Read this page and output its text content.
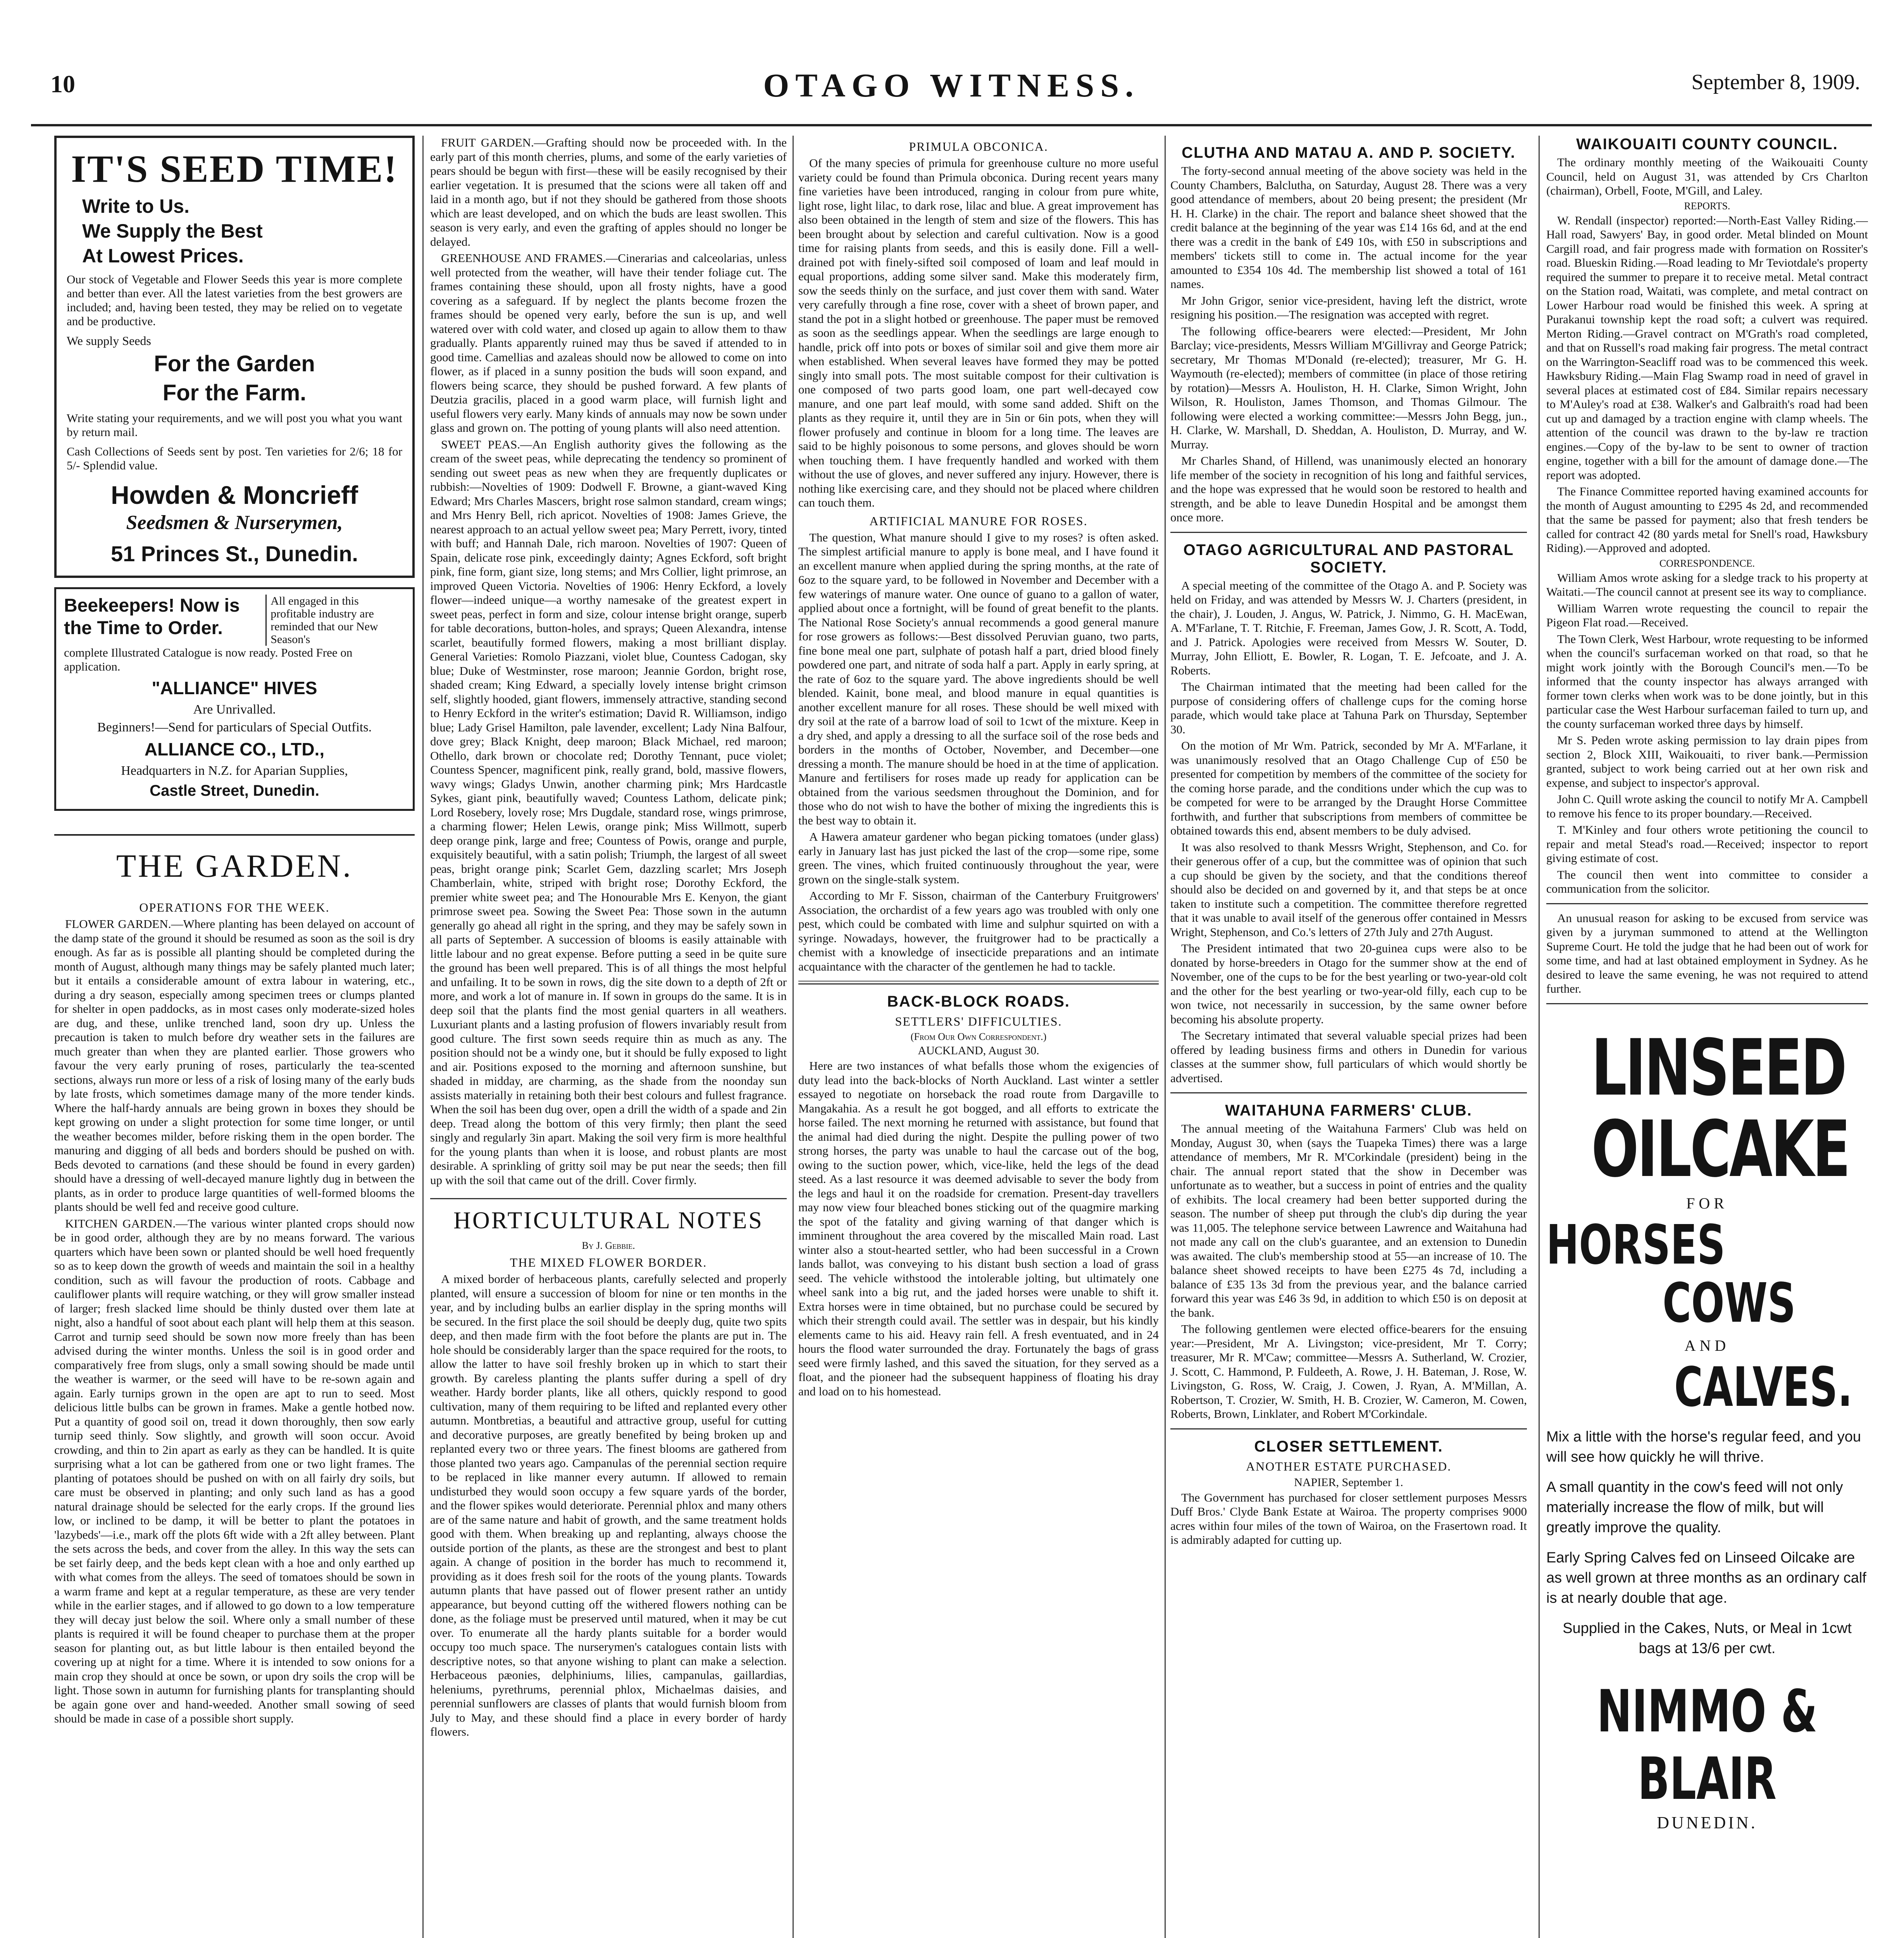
10	OTAGO WITNESS.	September 8, 1909.
IT'S SEED TIME!
Write to Us.
We Supply the Best
At Lowest Prices.
Our stock of Vegetable and Flower Seeds this year is more complete and better than ever. All the latest varieties from the best growers are included; and, having been tested, they may be relied on to vegetate and be productive.
We supply Seeds
For the Garden
For the Farm.
Write stating your requirements, and we will post you what you want by return mail.
Cash Collections of Seeds sent by post. Ten varieties for 2/6; 18 for 5/- Splendid value.
Howden & Moncrieff
Seedsmen & Nurserymen,
51 Princes St., Dunedin.
Beekeepers! Now is the Time to Order.
All engaged in this profitable industry are reminded that our New Season's
complete Illustrated Catalogue is now ready. Posted Free on application.
"ALLIANCE" HIVES
Are Unrivalled.
Beginners!—Send for particulars of Special Outfits.
ALLIANCE CO., LTD.,
Headquarters in N.Z. for Aparian Supplies,
Castle Street, Dunedin.
THE GARDEN.
OPERATIONS FOR THE WEEK.

FLOWER GARDEN.—Where planting has been delayed on account of the damp state of the ground it should be resumed as soon as the soil is dry enough. As far as is possible all planting should be completed during the month of August, although many things may be safely planted much later; but it entails a considerable amount of extra labour in watering, etc., during a dry season, especially among specimen trees or clumps planted for shelter in open paddocks, as in most cases only moderate-sized holes are dug, and these, unlike trenched land, soon dry up. Unless the precaution is taken to mulch before dry weather sets in the failures are much greater than when they are planted earlier. Those growers who favour the very early pruning of roses, particularly the tea-scented sections, always run more or less of a risk of losing many of the early buds by late frosts, which sometimes damage many of the more tender kinds. Where the half-hardy annuals are being grown in boxes they should be kept growing on under a slight protection for some time longer, or until the weather becomes milder, before risking them in the open border. The manuring and digging of all beds and borders should be pushed on with. Beds devoted to carnations (and these should be found in every garden) should have a dressing of well-decayed manure lightly dug in between the plants, as in order to produce large quantities of well-formed blooms the plants should be well fed and receive good culture.

KITCHEN GARDEN.—The various winter planted crops should now be in good order, although they are by no means forward. The various quarters which have been sown or planted should be well hoed frequently so as to keep down the growth of weeds and maintain the soil in a healthy condition, such as will favour the production of roots. Cabbage and cauliflower plants will require watching, or they will grow smaller instead of larger; fresh slacked lime should be thinly dusted over them late at night, also a handful of soot about each plant will help them at this season. Carrot and turnip seed should be sown now more freely than has been advised during the winter months. Unless the soil is in good order and comparatively free from slugs, only a small sowing should be made until the weather is warmer, or the seed will have to be re-sown again and again. Early turnips grown in the open are apt to run to seed. Most delicious little bulbs can be grown in frames. Make a gentle hotbed now. Put a quantity of good soil on, tread it down thoroughly, then sow early turnip seed thinly. Sow slightly, and growth will soon occur. Avoid crowding, and thin to 2in apart as early as they can be handled. It is quite surprising what a lot can be gathered from one or two light frames. The planting of potatoes should be pushed on with on all fairly dry soils, but care must be observed in planting; and only such land as has a good natural drainage should be selected for the early crops. If the ground lies low, or inclined to be damp, it will be better to plant the potatoes in 'lazybeds'—i.e., mark off the plots 6ft wide with a 2ft alley between. Plant the sets across the beds, and cover from the alley. In this way the sets can be set fairly deep, and the beds kept clean with a hoe and only earthed up with what comes from the alleys. The seed of tomatoes should be sown in a warm frame and kept at a regular temperature, as these are very tender while in the earlier stages, and if allowed to go down to a low temperature they will decay just below the soil. Where only a small number of these plants is required it will be found cheaper to purchase them at the proper season for planting out, as but little labour is then entailed beyond the covering up at night for a time. Where it is intended to sow onions for a main crop they should at once be sown, or upon dry soils the crop will be light. Those sown in autumn for furnishing plants for transplanting should be again gone over and hand-weeded. Another small sowing of seed should be made in case of a possible short supply.

FRUIT GARDEN.—Grafting should now be proceeded with. In the early part of this month cherries, plums, and some of the early varieties of pears should be begun with first—these will be easily recognised by their earlier vegetation. It is presumed that the scions were all taken off and laid in a month ago, but if not they should be gathered from those shoots which are least developed, and on which the buds are least swollen. This season is very early, and even the grafting of apples should no longer be delayed.

GREENHOUSE AND FRAMES.—Cinerarias and calceolarias, unless well protected from the weather, will have their tender foliage cut. The frames containing these should, upon all frosty nights, have a good covering as a safeguard. If by neglect the plants become frozen the frames should be opened very early, before the sun is up, and well watered over with cold water, and closed up again to allow them to thaw gradually. Plants apparently ruined may thus be saved if attended to in good time. Camellias and azaleas should now be allowed to come on into flower, as if placed in a sunny position the buds will soon expand, and flowers being scarce, they should be pushed forward. A few plants of Deutzia gracilis, placed in a good warm place, will furnish light and useful flowers very early. Many kinds of annuals may now be sown under glass and grown on. The potting of young plants will also need attention.

SWEET PEAS.—An English authority gives the following as the cream of the sweet peas, while deprecating the tendency so prominent of sending out sweet peas as new when they are frequently duplicates or rubbish:—Novelties of 1909: Dodwell F. Browne, a giant-waved King Edward; Mrs Charles Mascers, bright rose salmon standard, cream wings; and Mrs Henry Bell, rich apricot. Novelties of 1908: James Grieve, the nearest approach to an actual yellow sweet pea; Mary Perrett, ivory, tinted with buff; and Hannah Dale, rich maroon. Novelties of 1907: Queen of Spain, delicate rose pink, exceedingly dainty; Agnes Eckford, soft bright pink, fine form, giant size, long stems; and Mrs Collier, light primrose, an improved Queen Victoria. Novelties of 1906: Henry Eckford, a lovely flower—indeed unique—a worthy namesake of the greatest expert in sweet peas, perfect in form and size, colour intense bright orange, superb for table decorations, button-holes, and sprays; Queen Alexandra, intense scarlet, beautifully formed flowers, making a most brilliant display. General Varieties: Romolo Piazzani, violet blue, Countess Cadogan, sky blue; Duke of Westminster, rose maroon; Jeannie Gordon, bright rose, shaded cream; King Edward, a specially lovely intense bright crimson self, slightly hooded, giant flowers, immensely attractive, standing second to Henry Eckford in the writer's estimation; David R. Williamson, indigo blue; Lady Grisel Hamilton, pale lavender, excellent; Lady Nina Balfour, dove grey; Black Knight, deep maroon; Black Michael, red maroon; Othello, dark brown or chocolate red; Dorothy Tennant, puce violet; Countess Spencer, magnificent pink, really grand, bold, massive flowers, wavy wings; Gladys Unwin, another charming pink; Mrs Hardcastle Sykes, giant pink, beautifully waved; Countess Lathom, delicate pink; Lord Rosebery, lovely rose; Mrs Dugdale, standard rose, wings primrose, a charming flower; Helen Lewis, orange pink; Miss Willmott, superb deep orange pink, large and free; Countess of Powis, orange and purple, exquisitely beautiful, with a satin polish; Triumph, the largest of all sweet peas, bright orange pink; Scarlet Gem, dazzling scarlet; Mrs Joseph Chamberlain, white, striped with bright rose; Dorothy Eckford, the premier white sweet pea; and The Honourable Mrs E. Kenyon, the giant primrose sweet pea. Sowing the Sweet Pea: Those sown in the autumn generally go ahead all right in the spring, and they may be safely sown in all parts of September. A succession of blooms is easily attainable with little labour and no great expense. Before putting a seed in be quite sure the ground has been well prepared. This is of all things the most helpful and unfailing. It to be sown in rows, dig the site down to a depth of 2ft or more, and work a lot of manure in. If sown in groups do the same. It is in deep soil that the plants find the most genial quarters in all weathers. Luxuriant plants and a lasting profusion of flowers invariably result from good culture. The first sown seeds require thin as much as any. The position should not be a windy one, but it should be fully exposed to light and air. Positions exposed to the morning and afternoon sunshine, but shaded in midday, are charming, as the shade from the noonday sun assists materially in retaining both their best colours and fullest fragrance. When the soil has been dug over, open a drill the width of a spade and 2in deep. Tread along the bottom of this very firmly; then plant the seed singly and regularly 3in apart. Making the soil very firm is more healthful for the young plants than when it is loose, and robust plants are most desirable. A sprinkling of gritty soil may be put near the seeds; then fill up with the soil that came out of the drill. Cover firmly.

HORTICULTURAL NOTES
By J. Gebbie.
THE MIXED FLOWER BORDER.

A mixed border of herbaceous plants, carefully selected and properly planted, will ensure a succession of bloom for nine or ten months in the year, and by including bulbs an earlier display in the spring months will be secured. In the first place the soil should be deeply dug, quite two spits deep, and then made firm with the foot before the plants are put in. The hole should be considerably larger than the space required for the roots, to allow the latter to have soil freshly broken up in which to start their growth. By careless planting the plants suffer during a spell of dry weather. Hardy border plants, like all others, quickly respond to good cultivation, many of them requiring to be lifted and replanted every other autumn. Montbretias, a beautiful and attractive group, useful for cutting and decorative purposes, are greatly benefited by being broken up and replanted every two or three years. The finest blooms are gathered from those planted two years ago. Campanulas of the perennial section require to be replaced in like manner every autumn. If allowed to remain undisturbed they would soon occupy a few square yards of the border, and the flower spikes would deteriorate. Perennial phlox and many others are of the same nature and habit of growth, and the same treatment holds good with them. When breaking up and replanting, always choose the outside portion of the plants, as these are the strongest and best to plant again. A change of position in the border has much to recommend it, providing as it does fresh soil for the roots of the young plants. Towards autumn plants that have passed out of flower present rather an untidy appearance, but beyond cutting off the withered flowers nothing can be done, as the foliage must be preserved until matured, when it may be cut over. To enumerate all the hardy plants suitable for a border would occupy too much space. The nurserymen's catalogues contain lists with descriptive notes, so that anyone wishing to plant can make a selection. Herbaceous pæonies, delphiniums, lilies, campanulas, gaillardias, heleniums, pyrethrums, perennial phlox, Michaelmas daisies, and perennial sunflowers are classes of plants that would furnish bloom from July to May, and these should find a place in every border of hardy flowers.

PRIMULA OBCONICA.

Of the many species of primula for greenhouse culture no more useful variety could be found than Primula obconica. During recent years many fine varieties have been introduced, ranging in colour from pure white, light rose, light lilac, to dark rose, lilac and blue. A great improvement has also been obtained in the length of stem and size of the flowers. This has been brought about by selection and careful cultivation. Now is a good time for raising plants from seeds, and this is easily done. Fill a well-drained pot with finely-sifted soil composed of loam and leaf mould in equal proportions, adding some silver sand. Make this moderately firm, sow the seeds thinly on the surface, and just cover them with sand. Water very carefully through a fine rose, cover with a sheet of brown paper, and stand the pot in a slight hotbed or greenhouse. The paper must be removed as soon as the seedlings appear. When the seedlings are large enough to handle, prick off into pots or boxes of similar soil and give them more air when established. When several leaves have formed they may be potted singly into small pots. The most suitable compost for their cultivation is one composed of two parts good loam, one part well-decayed cow manure, and one part leaf mould, with some sand added. Shift on the plants as they require it, until they are in 5in or 6in pots, when they will flower profusely and continue in bloom for a long time. The leaves are said to be highly poisonous to some persons, and gloves should be worn when touching them. I have frequently handled and worked with them without the use of gloves, and never suffered any injury. However, there is nothing like exercising care, and they should not be placed where children can touch them.

ARTIFICIAL MANURE FOR ROSES.

The question, What manure should I give to my roses? is often asked. The simplest artificial manure to apply is bone meal, and I have found it an excellent manure when applied during the spring months, at the rate of 6oz to the square yard, to be followed in November and December with a few waterings of manure water. One ounce of guano to a gallon of water, applied about once a fortnight, will be found of great benefit to the plants. The National Rose Society's annual recommends a good general manure for rose growers as follows:—Best dissolved Peruvian guano, two parts, fine bone meal one part, sulphate of potash half a part, dried blood finely powdered one part, and nitrate of soda half a part. Apply in early spring, at the rate of 6oz to the square yard. The above ingredients should be well blended. Kainit, bone meal, and blood manure in equal quantities is another excellent manure for all roses. These should be well mixed with dry soil at the rate of a barrow load of soil to 1cwt of the mixture. Keep in a dry shed, and apply a dressing to all the surface soil of the rose beds and borders in the months of October, November, and December—one dressing a month. The manure should be hoed in at the time of application. Manure and fertilisers for roses made up ready for application can be obtained from the various seedsmen throughout the Dominion, and for those who do not wish to have the bother of mixing the ingredients this is the best way to obtain it.

A Hawera amateur gardener who began picking tomatoes (under glass) early in January last has just picked the last of the crop—some ripe, some green. The vines, which fruited continuously throughout the year, were grown on the single-stalk system.

According to Mr F. Sisson, chairman of the Canterbury Fruitgrowers' Association, the orchardist of a few years ago was troubled with only one pest, which could be combated with lime and sulphur squirted on with a syringe. Nowadays, however, the fruitgrower had to be practically a chemist with a knowledge of insecticide preparations and an intimate acquaintance with the character of the gentlemen he had to tackle.

BACK-BLOCK ROADS.
SETTLERS' DIFFICULTIES.
(From Our Own Correspondent.)
AUCKLAND, August 30.

Here are two instances of what befalls those whom the exigencies of duty lead into the back-blocks of North Auckland. Last winter a settler essayed to negotiate on horseback the road route from Dargaville to Mangakahia. As a result he got bogged, and all efforts to extricate the horse failed. The next morning he returned with assistance, but found that the animal had died during the night. Despite the pulling power of two strong horses, the party was unable to haul the carcase out of the bog, owing to the suction power, which, vice-like, held the legs of the dead steed. As a last resource it was deemed advisable to sever the body from the legs and haul it on the roadside for cremation. Present-day travellers may now view four bleached bones sticking out of the quagmire marking the spot of the fatality and giving warning of that danger which is imminent throughout the area covered by the miscalled Main road. Last winter also a stout-hearted settler, who had been successful in a Crown lands ballot, was conveying to his distant bush section a load of grass seed. The vehicle withstood the intolerable jolting, but ultimately one wheel sank into a big rut, and the jaded horses were unable to shift it. Extra horses were in time obtained, but no purchase could be secured by which their strength could avail. The settler was in despair, but his kindly elements came to his aid. Heavy rain fell. A fresh eventuated, and in 24 hours the flood water surrounded the dray. Fortunately the bags of grass seed were firmly lashed, and this saved the situation, for they served as a float, and the pioneer had the subsequent happiness of floating his dray and load on to his homestead.

CLUTHA AND MATAU A. AND P. SOCIETY.

The forty-second annual meeting of the above society was held in the County Chambers, Balclutha, on Saturday, August 28. There was a very good attendance of members, about 20 being present; the president (Mr H. H. Clarke) in the chair. The report and balance sheet showed that the credit balance at the beginning of the year was £14 16s 6d, and at the end there was a credit in the bank of £49 10s, with £50 in subscriptions and members' tickets still to come in. The actual income for the year amounted to £354 10s 4d. The membership list showed a total of 161 names.

Mr John Grigor, senior vice-president, having left the district, wrote resigning his position.—The resignation was accepted with regret.

The following office-bearers were elected:—President, Mr John Barclay; vice-presidents, Messrs William M'Gillivray and George Patrick; secretary, Mr Thomas M'Donald (re-elected); treasurer, Mr G. H. Waymouth (re-elected); members of committee (in place of those retiring by rotation)—Messrs A. Houliston, H. H. Clarke, Simon Wright, John Wilson, R. Houliston, James Thomson, and Thomas Gilmour. The following were elected a working committee:—Messrs John Begg, jun., H. Clarke, W. Marshall, D. Sheddan, A. Houliston, D. Murray, and W. Murray.

Mr Charles Shand, of Hillend, was unanimously elected an honorary life member of the society in recognition of his long and faithful services, and the hope was expressed that he would soon be restored to health and strength, and be able to leave Dunedin Hospital and be amongst them once more.

OTAGO AGRICULTURAL AND PASTORAL SOCIETY.

A special meeting of the committee of the Otago A. and P. Society was held on Friday, and was attended by Messrs W. J. Charters (president, in the chair), J. Louden, J. Angus, W. Patrick, J. Nimmo, G. H. MacEwan, A. M'Farlane, T. T. Ritchie, F. Freeman, James Gow, J. R. Scott, A. Todd, and J. Patrick. Apologies were received from Messrs W. Souter, D. Murray, John Elliott, E. Bowler, R. Logan, T. E. Jefcoate, and J. A. Roberts.

The Chairman intimated that the meeting had been called for the purpose of considering offers of challenge cups for the coming horse parade, which would take place at Tahuna Park on Thursday, September 30.

On the motion of Mr Wm. Patrick, seconded by Mr A. M'Farlane, it was unanimously resolved that an Otago Challenge Cup of £50 be presented for competition by members of the committee of the society for the coming horse parade, and the conditions under which the cup was to be competed for were to be arranged by the Draught Horse Committee forthwith, and further that subscriptions from members of committee be obtained towards this end, absent members to be duly advised.

It was also resolved to thank Messrs Wright, Stephenson, and Co. for their generous offer of a cup, but the committee was of opinion that such a cup should be given by the society, and that the conditions thereof should also be decided on and governed by it, and that steps be at once taken to institute such a competition. The committee therefore regretted that it was unable to avail itself of the generous offer contained in Messrs Wright, Stephenson, and Co.'s letters of 27th July and 27th August.

The President intimated that two 20-guinea cups were also to be donated by horse-breeders in Otago for the summer show at the end of November, one of the cups to be for the best yearling or two-year-old colt and the other for the best yearling or two-year-old filly, each cup to be won twice, not necessarily in succession, by the same owner before becoming his absolute property.

The Secretary intimated that several valuable special prizes had been offered by leading business firms and others in Dunedin for various classes at the summer show, full particulars of which would shortly be advertised.

WAITAHUNA FARMERS' CLUB.

The annual meeting of the Waitahuna Farmers' Club was held on Monday, August 30, when (says the Tuapeka Times) there was a large attendance of members, Mr R. M'Corkindale (president) being in the chair. The annual report stated that the show in December was unfortunate as to weather, but a success in point of entries and the quality of exhibits. The local creamery had been better supported during the season. The number of sheep put through the club's dip during the year was 11,005. The telephone service between Lawrence and Waitahuna had not made any call on the club's guarantee, and an extension to Dunedin was awaited. The club's membership stood at 55—an increase of 10. The balance sheet showed receipts to have been £275 4s 7d, including a balance of £35 13s 3d from the previous year, and the balance carried forward this year was £46 3s 9d, in addition to which £50 is on deposit at the bank.

The following gentlemen were elected office-bearers for the ensuing year:—President, Mr A. Livingston; vice-president, Mr T. Corry; treasurer, Mr R. M'Caw; committee—Messrs A. Sutherland, W. Crozier, J. Scott, C. Hammond, P. Fuldeeth, A. Rowe, J. H. Bateman, J. Rose, W. Livingston, G. Ross, W. Craig, J. Cowen, J. Ryan, A. M'Millan, A. Robertson, T. Crozier, W. Smith, H. B. Crozier, W. Cameron, M. Cowen, Roberts, Brown, Linklater, and Robert M'Corkindale.

CLOSER SETTLEMENT.
ANOTHER ESTATE PURCHASED.
NAPIER, September 1.

The Government has purchased for closer settlement purposes Messrs Duff Bros.' Clyde Bank Estate at Wairoa. The property comprises 9000 acres within four miles of the town of Wairoa, on the Frasertown road. It is admirably adapted for cutting up.

WAIKOUAITI COUNTY COUNCIL.

The ordinary monthly meeting of the Waikouaiti County Council, held on August 31, was attended by Crs Charlton (chairman), Orbell, Foote, M'Gill, and Laley.

REPORTS.

W. Rendall (inspector) reported:—North-East Valley Riding.—Hall road, Sawyers' Bay, in good order. Metal blinded on Mount Cargill road, and fair progress made with formation on Rossiter's road. Blueskin Riding.—Road leading to Mr Teviotdale's property required the summer to prepare it to receive metal. Metal contract on the Station road, Waitati, was complete, and metal contract on Lower Harbour road would be finished this week. A spring at Purakanui township kept the road soft; a culvert was required. Merton Riding.—Gravel contract on M'Grath's road completed, and that on Russell's road making fair progress. The metal contract on the Warrington-Seacliff road was to be commenced this week. Hawksbury Riding.—Main Flag Swamp road in need of gravel in several places at estimated cost of £84. Similar repairs necessary to M'Auley's road at £38. Walker's and Galbraith's road had been cut up and damaged by a traction engine with clamp wheels. The attention of the council was drawn to the by-law re traction engines.—Copy of the by-law to be sent to owner of traction engine, together with a bill for the amount of damage done.—The report was adopted.

The Finance Committee reported having examined accounts for the month of August amounting to £295 4s 2d, and recommended that the same be passed for payment; also that fresh tenders be called for contract 42 (80 yards metal for Snell's road, Hawksbury Riding).—Approved and adopted.

CORRESPONDENCE.

William Amos wrote asking for a sledge track to his property at Waitati.—The council cannot at present see its way to compliance.

William Warren wrote requesting the council to repair the Pigeon Flat road.—Received.

The Town Clerk, West Harbour, wrote requesting to be informed when the council's surfaceman worked on that road, so that he might work jointly with the Borough Council's men.—To be informed that the county inspector has always arranged with former town clerks when work was to be done jointly, but in this particular case the West Harbour surfaceman failed to turn up, and the county surfaceman worked three days by himself.

Mr S. Peden wrote asking permission to lay drain pipes from section 2, Block XIII, Waikouaiti, to river bank.—Permission granted, subject to work being carried out at her own risk and expense, and subject to inspector's approval.

John C. Quill wrote asking the council to notify Mr A. Campbell to remove his fence to its proper boundary.—Received.

T. M'Kinley and four others wrote petitioning the council to repair and metal Stead's road.—Received; inspector to report giving estimate of cost.

The council then went into committee to consider a communication from the solicitor.

An unusual reason for asking to be excused from service was given by a juryman summoned to attend at the Wellington Supreme Court. He told the judge that he had been out of work for some time, and had at last obtained employment in Sydney. As he desired to leave the same evening, he was not required to attend further.

LINSEED
OILCAKE
FOR
HORSES
COWS
AND
CALVES.
Mix a little with the horse's regular feed, and you will see how quickly he will thrive.
A small quantity in the cow's feed will not only materially increase the flow of milk, but will greatly improve the quality.
Early Spring Calves fed on Linseed Oilcake are as well grown at three months as an ordinary calf is at nearly double that age.
Supplied in the Cakes, Nuts, or Meal in 1cwt bags at 13/6 per cwt.
NIMMO & BLAIR
DUNEDIN.
